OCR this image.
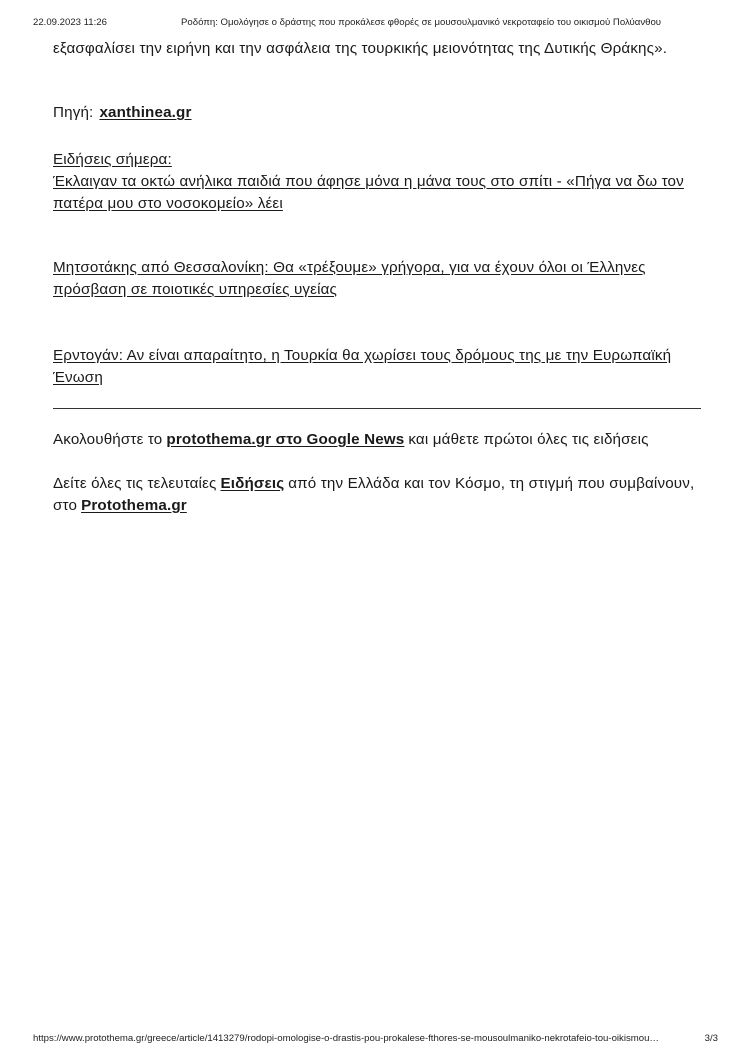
22.09.2023 11:26	Ροδόπη: Ομολόγησε ο δράστης που προκάλεσε φθορές σε μουσουλμανικό νεκροταφείο του οικισμού Πολύανθου

εξασφαλίσει την ειρήνη και την ασφάλεια της τουρκικής μειονότητας της Δυτικής Θράκης».

Πηγή: xanthinea.gr

Ειδήσεις σήμερα:
Έκλαιγαν τα οκτώ ανήλικα παιδιά που άφησε μόνα η μάνα τους στο σπίτι - «Πήγα να δω τον πατέρα μου στο νοσοκομείο» λέει
Μητσοτάκης από Θεσσαλονίκη: Θα «τρέξουμε» γρήγορα, για να έχουν όλοι οι Έλληνες πρόσβαση σε ποιοτικές υπηρεσίες υγείας
Ερντογάν: Αν είναι απαραίτητο, η Τουρκία θα χωρίσει τους δρόμους της με την Ευρωπαϊκή Ένωση

Ακολουθήστε το protothema.gr στο Google News και μάθετε πρώτοι όλες τις ειδήσεις

Δείτε όλες τις τελευταίες Ειδήσεις από την Ελλάδα και τον Κόσμο, τη στιγμή που συμβαίνουν, στο Protothema.gr

https://www.protothema.gr/greece/article/1413279/rodopi-omologise-o-drastis-pou-prokalese-fthores-se-mousoulmaniko-nekrotafeio-tou-oikismou…	3/3
